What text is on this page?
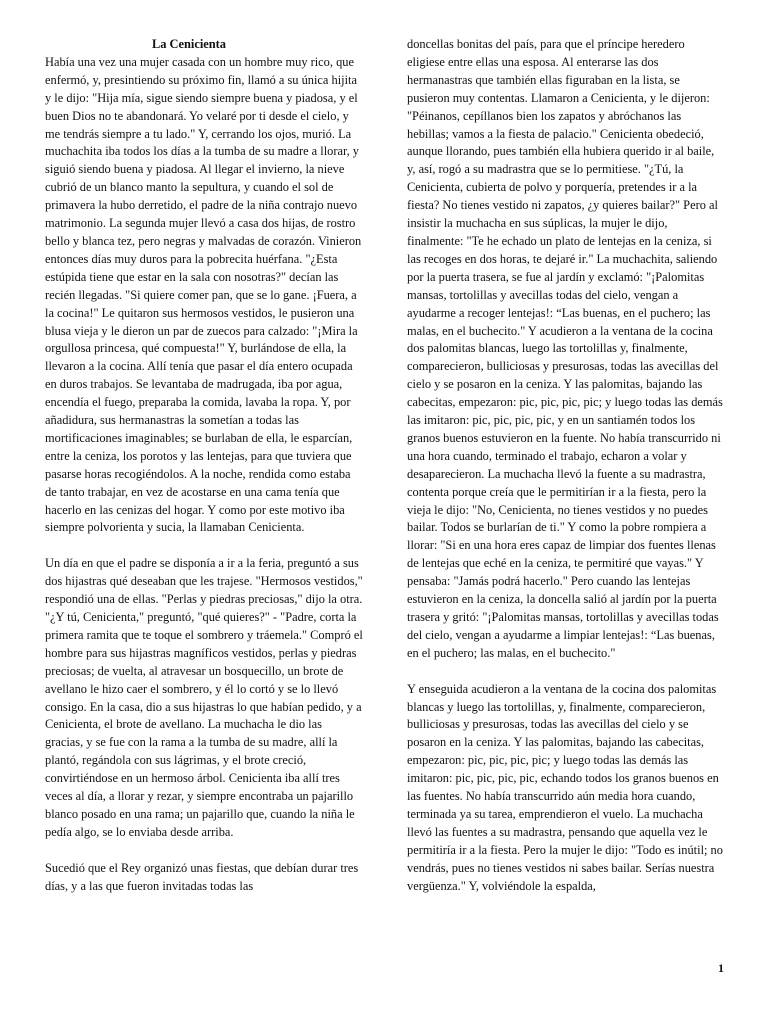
La Cenicienta

Había una vez una mujer casada con un hombre muy rico, que enfermó, y, presintiendo su próximo fin, llamó a su única hijita y le dijo: "Hija mía, sigue siendo siempre buena y piadosa, y el buen Dios no te abandonará. Yo velaré por ti desde el cielo, y me tendrás siempre a tu lado." Y, cerrando los ojos, murió. La muchachita iba todos los días a la tumba de su madre a llorar, y siguió siendo buena y piadosa. Al llegar el invierno, la nieve cubrió de un blanco manto la sepultura, y cuando el sol de primavera la hubo derretido, el padre de la niña contrajo nuevo matrimonio. La segunda mujer llevó a casa dos hijas, de rostro bello y blanca tez, pero negras y malvadas de corazón. Vinieron entonces días muy duros para la pobrecita huérfana. "¿Esta estúpida tiene que estar en la sala con nosotras?" decían las recién llegadas. "Si quiere comer pan, que se lo gane. ¡Fuera, a la cocina!" Le quitaron sus hermosos vestidos, le pusieron una blusa vieja y le dieron un par de zuecos para calzado: "¡Mira la orgullosa princesa, qué compuesta!" Y, burlándose de ella, la llevaron a la cocina. Allí tenía que pasar el día entero ocupada en duros trabajos. Se levantaba de madrugada, iba por agua, encendía el fuego, preparaba la comida, lavaba la ropa. Y, por añadidura, sus hermanastras la sometían a todas las mortificaciones imaginables; se burlaban de ella, le esparcían, entre la ceniza, los porotos y las lentejas, para que tuviera que pasarse horas recogiéndolos. A la noche, rendida como estaba de tanto trabajar, en vez de acostarse en una cama tenía que hacerlo en las cenizas del hogar. Y como por este motivo iba siempre polvorienta y sucia, la llamaban Cenicienta.

Un día en que el padre se disponía a ir a la feria, preguntó a sus dos hijastras qué deseaban que les trajese. "Hermosos vestidos," respondió una de ellas. "Perlas y piedras preciosas," dijo la otra. "¿Y tú, Cenicienta," preguntó, "qué quieres?" - "Padre, corta la primera ramita que te toque el sombrero y tráemela." Compró el hombre para sus hijastras magníficos vestidos, perlas y piedras preciosas; de vuelta, al atravesar un bosquecillo, un brote de avellano le hizo caer el sombrero, y él lo cortó y se lo llevó consigo. En la casa, dio a sus hijastras lo que habían pedido, y a Cenicienta, el brote de avellano. La muchacha le dio las gracias, y se fue con la rama a la tumba de su madre, allí la plantó, regándola con sus lágrimas, y el brote creció, convirtiéndose en un hermoso árbol. Cenicienta iba allí tres veces al día, a llorar y rezar, y siempre encontraba un pajarillo blanco posado en una rama; un pajarillo que, cuando la niña le pedía algo, se lo enviaba desde arriba.

Sucedió que el Rey organizó unas fiestas, que debían durar tres días, y a las que fueron invitadas todas las

doncellas bonitas del país, para que el príncipe heredero eligiese entre ellas una esposa. Al enterarse las dos hermanastras que también ellas figuraban en la lista, se pusieron muy contentas. Llamaron a Cenicienta, y le dijeron: "Péinanos, cepíllanos bien los zapatos y abróchanos las hebillas; vamos a la fiesta de palacio." Cenicienta obedeció, aunque llorando, pues también ella hubiera querido ir al baile, y, así, rogó a su madrastra que se lo permitiese. "¿Tú, la Cenicienta, cubierta de polvo y porquería, pretendes ir a la fiesta? No tienes vestido ni zapatos, ¿y quieres bailar?" Pero al insistir la muchacha en sus súplicas, la mujer le dijo, finalmente: "Te he echado un plato de lentejas en la ceniza, si las recoges en dos horas, te dejaré ir." La muchachita, saliendo por la puerta trasera, se fue al jardín y exclamó: "¡Palomitas mansas, tortolillas y avecillas todas del cielo, vengan a ayudarme a recoger lentejas!: “Las buenas, en el puchero; las malas, en el buchecito." Y acudieron a la ventana de la cocina dos palomitas blancas, luego las tortolillas y, finalmente, comparecieron, bulliciosas y presurosas, todas las avecillas del cielo y se posaron en la ceniza. Y las palomitas, bajando las cabecitas, empezaron: pic, pic, pic, pic; y luego todas las demás las imitaron: pic, pic, pic, pic, y en un santiamén todos los granos buenos estuvieron en la fuente. No había transcurrido ni una hora cuando, terminado el trabajo, echaron a volar y desaparecieron. La muchacha llevó la fuente a su madrastra, contenta porque creía que le permitirían ir a la fiesta, pero la vieja le dijo: "No, Cenicienta, no tienes vestidos y no puedes bailar. Todos se burlarían de ti." Y como la pobre rompiera a llorar: "Si en una hora eres capaz de limpiar dos fuentes llenas de lentejas que eché en la ceniza, te permitiré que vayas." Y pensaba: "Jamás podrá hacerlo." Pero cuando las lentejas estuvieron en la ceniza, la doncella salió al jardín por la puerta trasera y gritó: "¡Palomitas mansas, tortolillas y avecillas todas del cielo, vengan a ayudarme a limpiar lentejas!: “Las buenas, en el puchero; las malas, en el buchecito."

Y enseguida acudieron a la ventana de la cocina dos palomitas blancas y luego las tortolillas, y, finalmente, comparecieron, bulliciosas y presurosas, todas las avecillas del cielo y se posaron en la ceniza. Y las palomitas, bajando las cabecitas, empezaron: pic, pic, pic, pic; y luego todas las demás las imitaron: pic, pic, pic, pic, echando todos los granos buenos en las fuentes. No había transcurrido aún media hora cuando, terminada ya su tarea, emprendieron el vuelo. La muchacha llevó las fuentes a su madrastra, pensando que aquella vez le permitiría ir a la fiesta. Pero la mujer le dijo: "Todo es inútil; no vendrás, pues no tienes vestidos ni sabes bailar. Serías nuestra vergüenza." Y, volviéndole la espalda,

1
